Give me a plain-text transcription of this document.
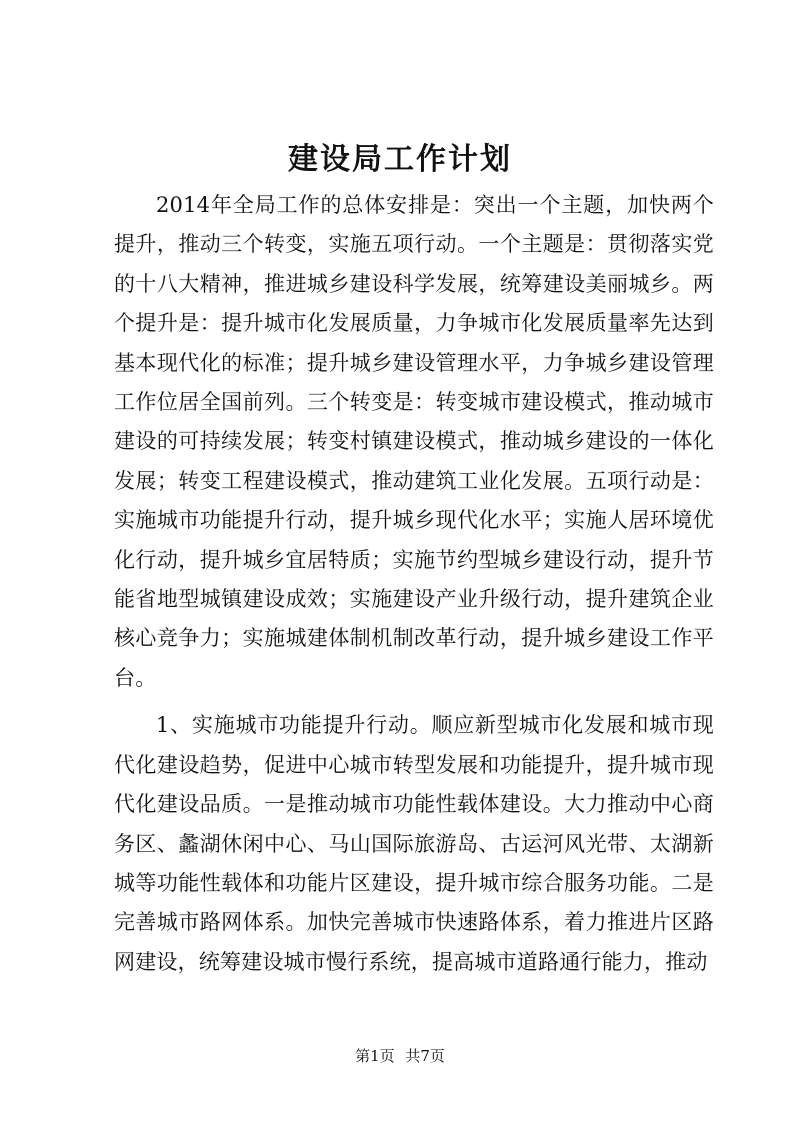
建设局工作计划

2014年全局工作的总体安排是：突出一个主题，加快两个提升，推动三个转变，实施五项行动。一个主题是：贯彻落实党的十八大精神，推进城乡建设科学发展，统筹建设美丽城乡。两个提升是：提升城市化发展质量，力争城市化发展质量率先达到基本现代化的标准；提升城乡建设管理水平，力争城乡建设管理工作位居全国前列。三个转变是：转变城市建设模式，推动城市建设的可持续发展；转变村镇建设模式，推动城乡建设的一体化发展；转变工程建设模式，推动建筑工业化发展。五项行动是：实施城市功能提升行动，提升城乡现代化水平；实施人居环境优化行动，提升城乡宜居特质；实施节约型城乡建设行动，提升节能省地型城镇建设成效；实施建设产业升级行动，提升建筑企业核心竞争力；实施城建体制机制改革行动，提升城乡建设工作平台。

1、实施城市功能提升行动。顺应新型城市化发展和城市现代化建设趋势，促进中心城市转型发展和功能提升，提升城市现代化建设品质。一是推动城市功能性载体建设。大力推动中心商务区、蠡湖休闲中心、马山国际旅游岛、古运河风光带、太湖新城等功能性载体和功能片区建设，提升城市综合服务功能。二是完善城市路网体系。加快完善城市快速路体系，着力推进片区路网建设，统筹建设城市慢行系统，提高城市道路通行能力，推动

第1页 共7页
